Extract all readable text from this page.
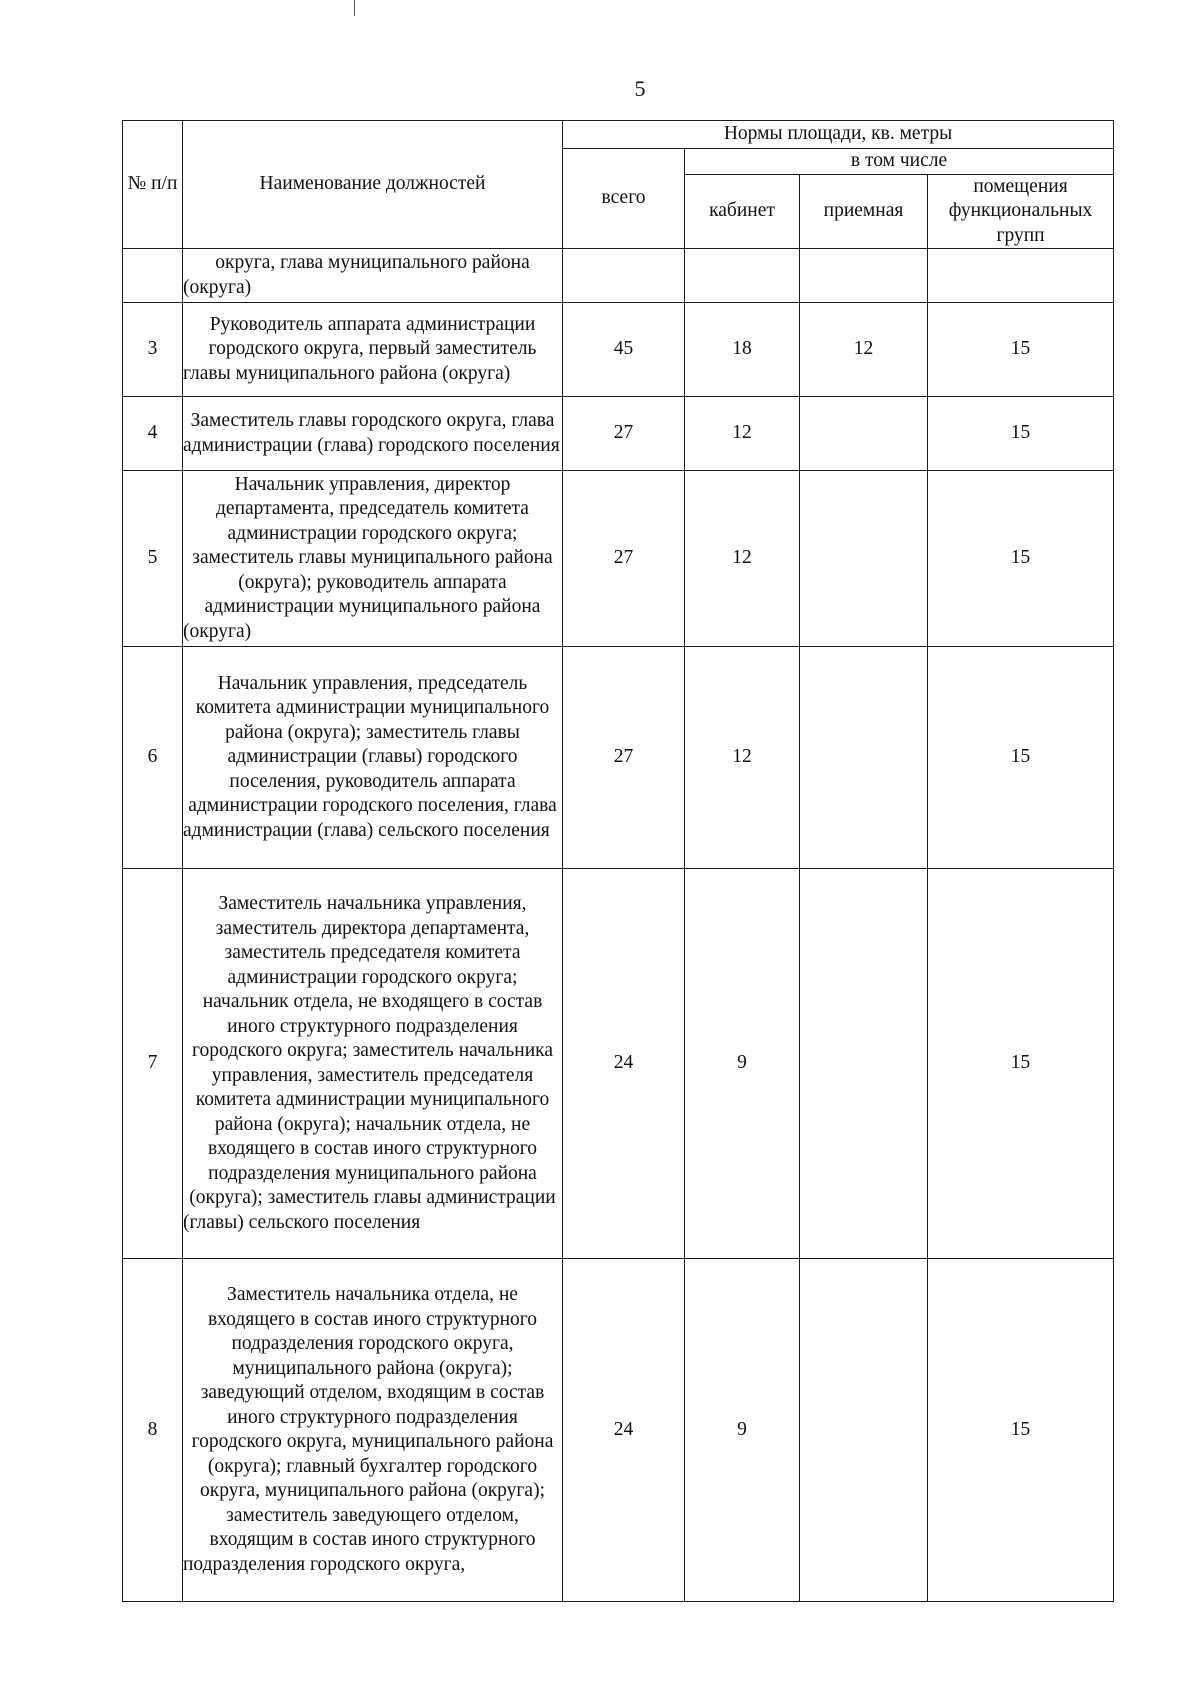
5
№ п/п	Наименование должностей	Нормы площади, кв. метры			
		всего	в том числе		
			кабинет	приемная	помещения функциональных групп
	округа, глава муниципального района (округа)				
3	Руководитель аппарата администрации городского округа, первый заместитель главы муниципального района (округа)	45	18	12	15
4	Заместитель главы городского округа, глава администрации (глава) городского поселения	27	12		15
5	Начальник управления, директор департамента, председатель комитета администрации городского округа; заместитель главы муниципального района (округа); руководитель аппарата администрации муниципального района (округа)	27	12		15
6	Начальник управления, председатель комитета администрации муниципального района (округа); заместитель главы администрации (главы) городского поселения, руководитель аппарата администрации городского поселения, глава администрации (глава) сельского поселения	27	12		15
7	Заместитель начальника управления, заместитель директора департамента, заместитель председателя комитета администрации городского округа; начальник отдела, не входящего в состав иного структурного подразделения городского округа; заместитель начальника управления, заместитель председателя комитета администрации муниципального района (округа); начальник отдела, не входящего в состав иного структурного подразделения муниципального района (округа); заместитель главы администрации (главы) сельского поселения	24	9		15
8	Заместитель начальника отдела, не входящего в состав иного структурного подразделения городского округа, муниципального района (округа); заведующий отделом, входящим в состав иного структурного подразделения городского округа, муниципального района (округа); главный бухгалтер городского округа, муниципального района (округа); заместитель заведующего отделом, входящим в состав иного структурного подразделения городского округа,	24	9		15
